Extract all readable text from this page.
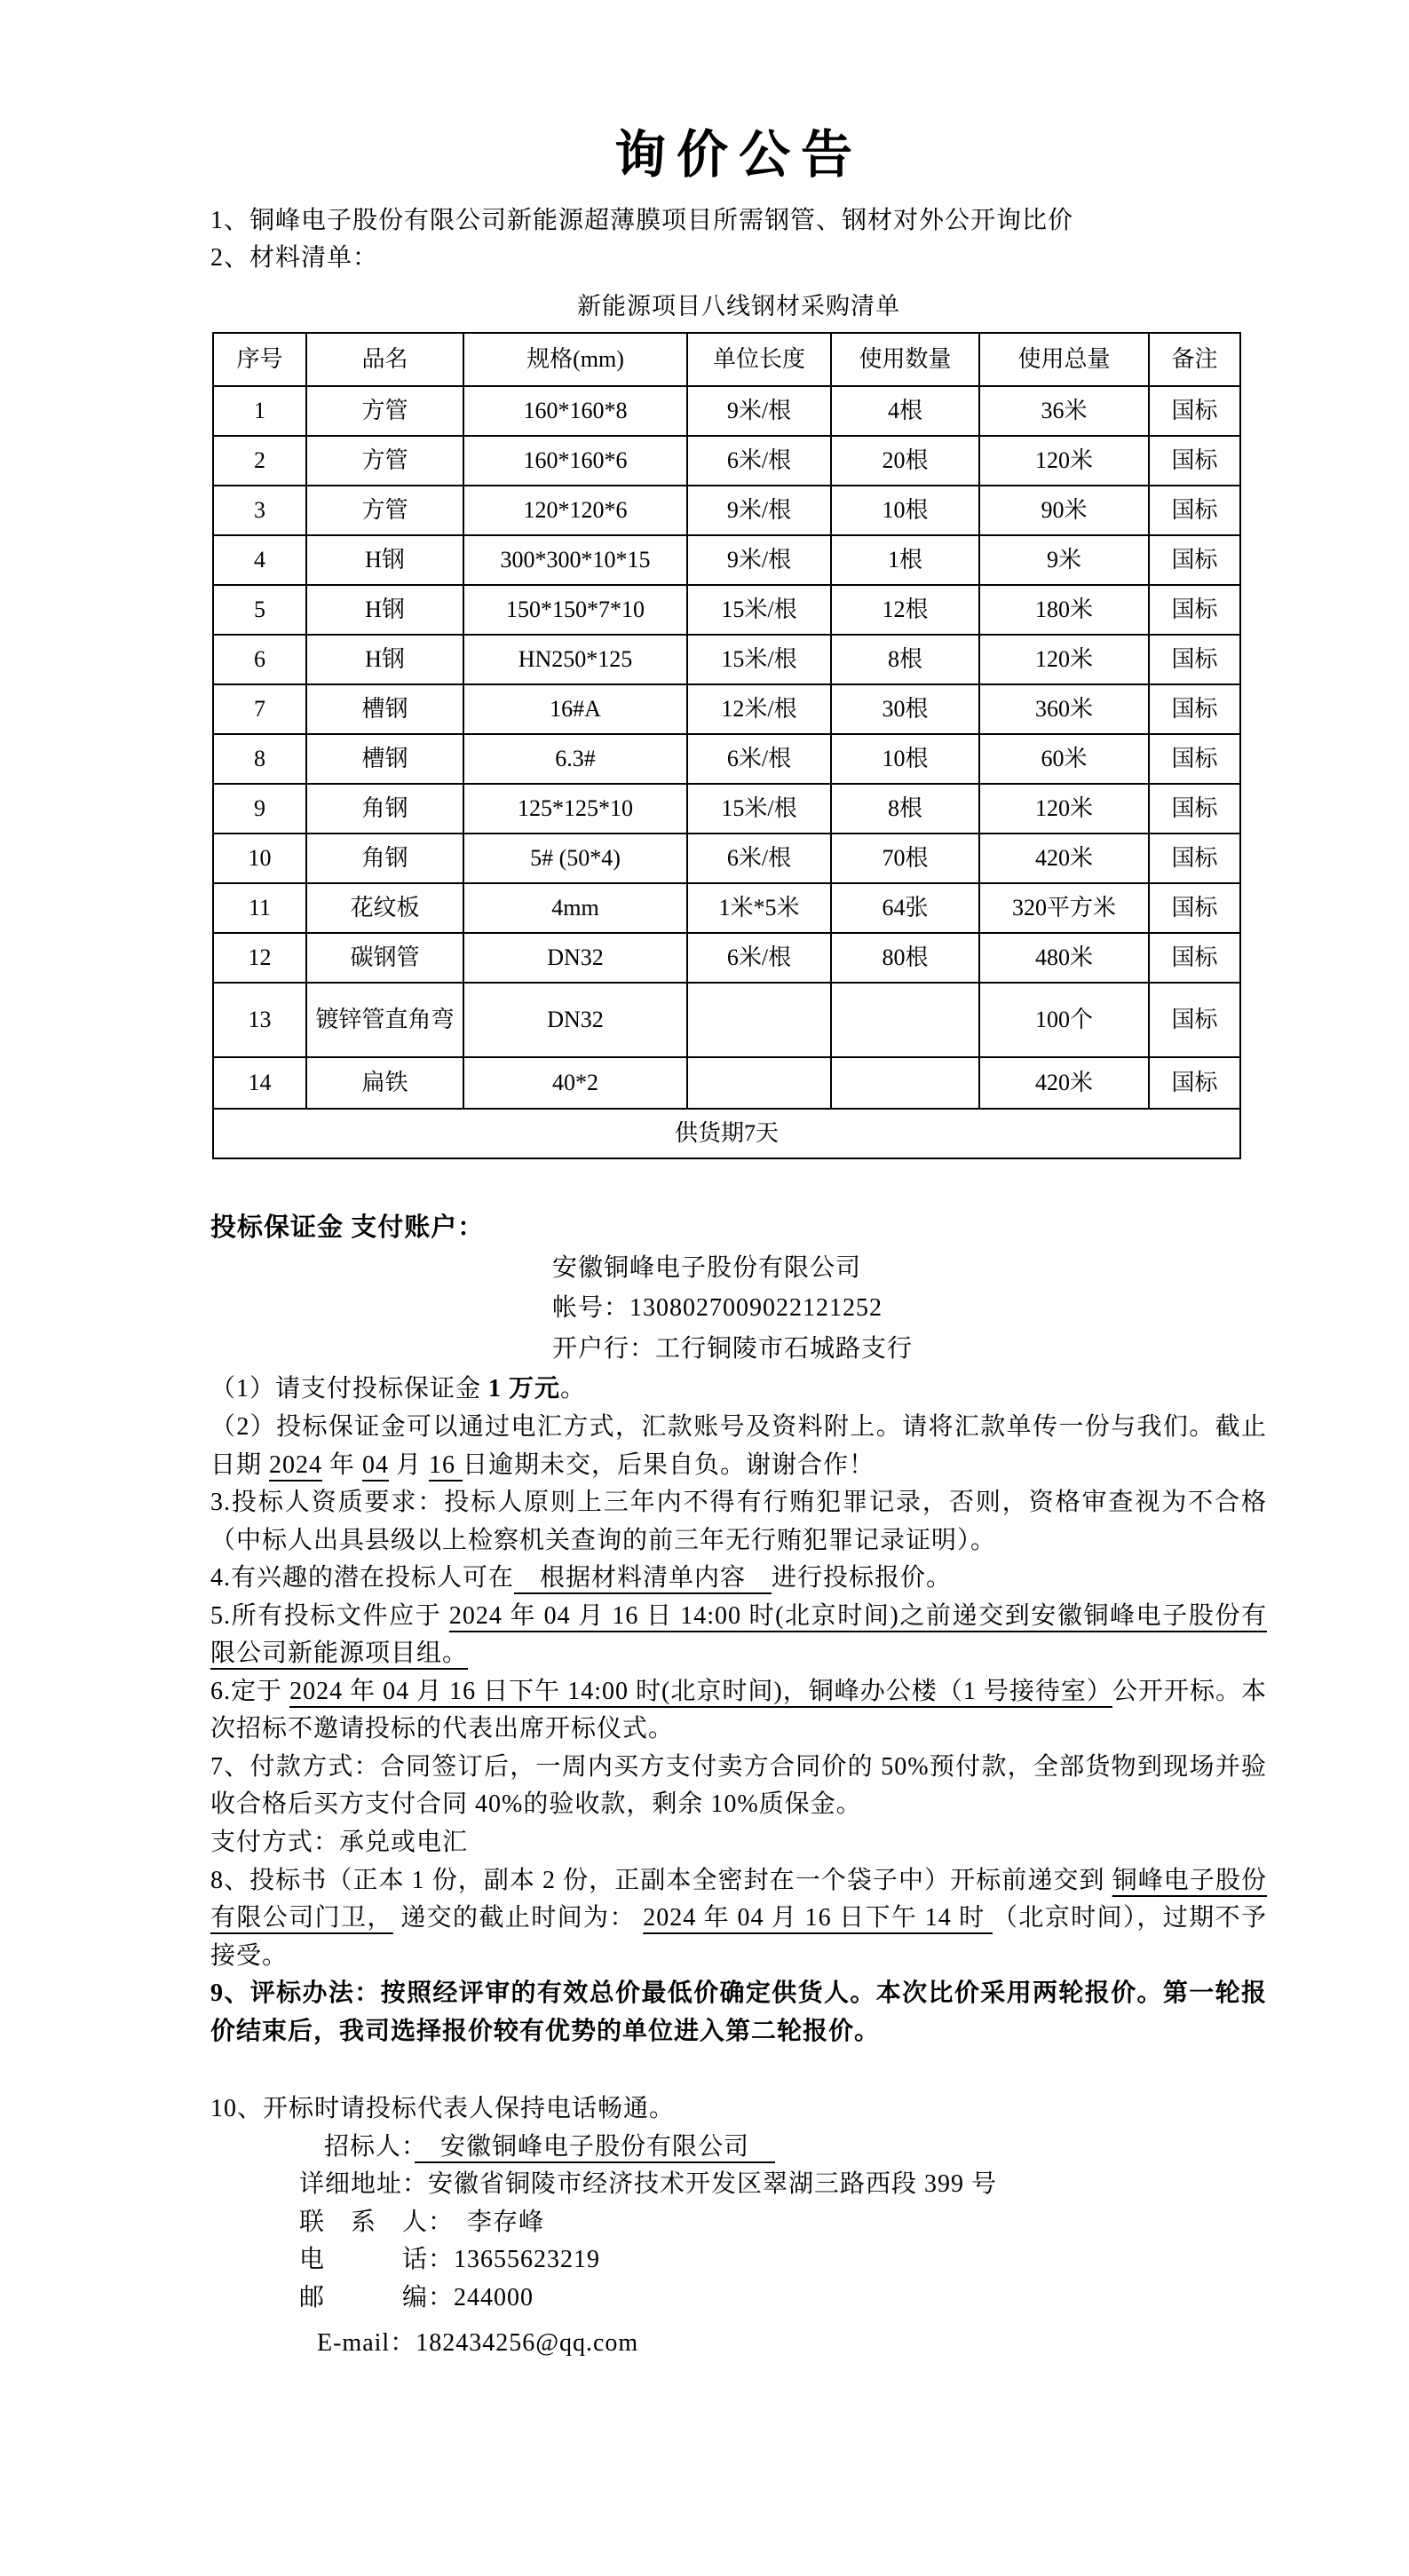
询价公告

1、铜峰电子股份有限公司新能源超薄膜项目所需钢管、钢材对外公开询比价

2、材料清单：

新能源项目八线钢材采购清单
序号	品名	规格(mm)	单位长度	使用数量	使用总量	备注
1	方管	160*160*8	9米/根	4根	36米	国标
2	方管	160*160*6	6米/根	20根	120米	国标
3	方管	120*120*6	9米/根	10根	90米	国标
4	H钢	300*300*10*15	9米/根	1根	9米	国标
5	H钢	150*150*7*10	15米/根	12根	180米	国标
6	H钢	HN250*125	15米/根	8根	120米	国标
7	槽钢	16#A	12米/根	30根	360米	国标
8	槽钢	6.3#	6米/根	10根	60米	国标
9	角钢	125*125*10	15米/根	8根	120米	国标
10	角钢	5# (50*4)	6米/根	70根	420米	国标
11	花纹板	4mm	1米*5米	64张	320平方米	国标
12	碳钢管	DN32	6米/根	80根	480米	国标
13	镀锌管直角弯	DN32			100个	国标
14	扁铁	40*2			420米	国标
供货期7天						

投标保证金 支付账户：

安徽铜峰电子股份有限公司

帐号：1308027009022121252

开户行：工行铜陵市石城路支行

（1）请支付投标保证金 1 万元。

（2）投标保证金可以通过电汇方式，汇款账号及资料附上。请将汇款单传一份与我们。截止日期 2024 年 04 月 16 日逾期未交，后果自负。谢谢合作！

3.投标人资质要求：投标人原则上三年内不得有行贿犯罪记录，否则，资格审查视为不合格（中标人出具县级以上检察机关查询的前三年无行贿犯罪记录证明）。

4.有兴趣的潜在投标人可在　根据材料清单内容　进行投标报价。

5.所有投标文件应于 2024 年 04 月 16 日 14:00 时(北京时间)之前递交到安徽铜峰电子股份有限公司新能源项目组。

6.定于 2024 年 04 月 16 日下午 14:00 时(北京时间)，铜峰办公楼（1 号接待室）公开开标。本次招标不邀请投标的代表出席开标仪式。

7、付款方式：合同签订后，一周内买方支付卖方合同价的 50%预付款，全部货物到现场并验收合格后买方支付合同 40%的验收款，剩余 10%质保金。

支付方式：承兑或电汇

8、投标书（正本 1 份，副本 2 份，正副本全密封在一个袋子中）开标前递交到 铜峰电子股份有限公司门卫， 递交的截止时间为： 2024 年 04 月 16 日下午 14 时 （北京时间），过期不予接受。

9、评标办法：按照经评审的有效总价最低价确定供货人。本次比价采用两轮报价。第一轮报价结束后，我司选择报价较有优势的单位进入第二轮报价。

10、开标时请投标代表人保持电话畅通。

招标人：　安徽铜峰电子股份有限公司　

详细地址：安徽省铜陵市经济技术开发区翠湖三路西段 399 号

联　系　人：　李存峰

电　　　话：13655623219

邮　　　编：244000

E-mail：182434256@qq.com
